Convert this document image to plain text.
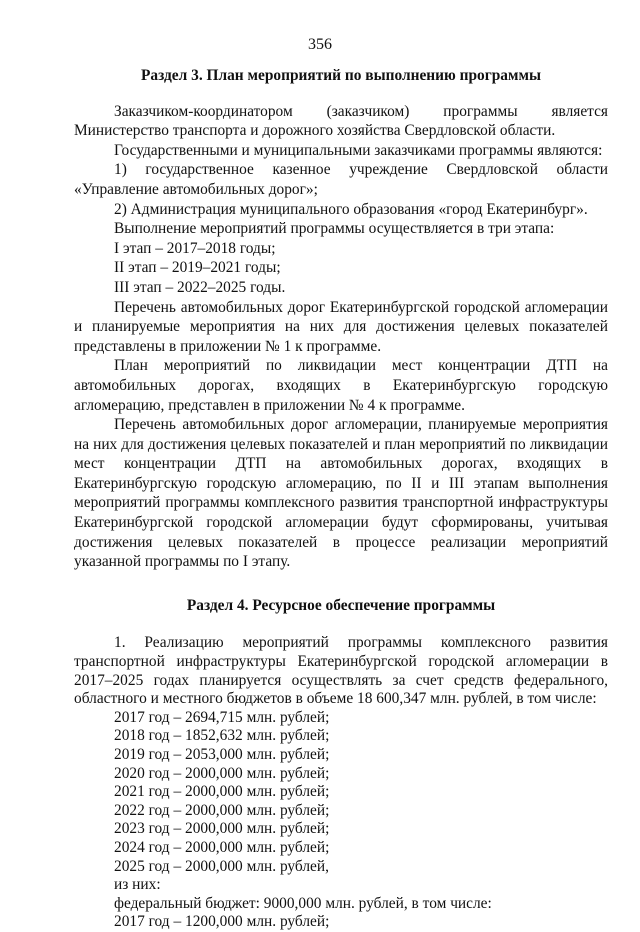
356
Раздел 3. План мероприятий по выполнению программы

Заказчиком-координатором (заказчиком) программы является Министерство транспорта и дорожного хозяйства Свердловской области.

Государственными и муниципальными заказчиками программы являются:

1) государственное казенное учреждение Свердловской области «Управление автомобильных дорог»;

2) Администрация муниципального образования «город Екатеринбург».

Выполнение мероприятий программы осуществляется в три этапа:

I этап – 2017–2018 годы;

II этап – 2019–2021 годы;

III этап – 2022–2025 годы.

Перечень автомобильных дорог Екатеринбургской городской агломерации и планируемые мероприятия на них для достижения целевых показателей представлены в приложении № 1 к программе.

План мероприятий по ликвидации мест концентрации ДТП на автомобильных дорогах, входящих в Екатеринбургскую городскую агломерацию, представлен в приложении № 4 к программе.

Перечень автомобильных дорог агломерации, планируемые мероприятия на них для достижения целевых показателей и план мероприятий по ликвидации мест концентрации ДТП на автомобильных дорогах, входящих в Екатеринбургскую городскую агломерацию, по II и III этапам выполнения мероприятий программы комплексного развития транспортной инфраструктуры Екатеринбургской городской агломерации будут сформированы, учитывая достижения целевых показателей в процессе реализации мероприятий указанной программы по I этапу.

Раздел 4. Ресурсное обеспечение программы

1. Реализацию мероприятий программы комплексного развития транспортной инфраструктуры Екатеринбургской городской агломерации в 2017–2025 годах планируется осуществлять за счет средств федерального, областного и местного бюджетов в объеме 18 600,347 млн. рублей, в том числе:

2017 год – 2694,715 млн. рублей;

2018 год – 1852,632 млн. рублей;

2019 год – 2053,000 млн. рублей;

2020 год – 2000,000 млн. рублей;

2021 год – 2000,000 млн. рублей;

2022 год – 2000,000 млн. рублей;

2023 год – 2000,000 млн. рублей;

2024 год – 2000,000 млн. рублей;

2025 год – 2000,000 млн. рублей,

из них:

федеральный бюджет: 9000,000 млн. рублей, в том числе:

2017 год – 1200,000 млн. рублей;
